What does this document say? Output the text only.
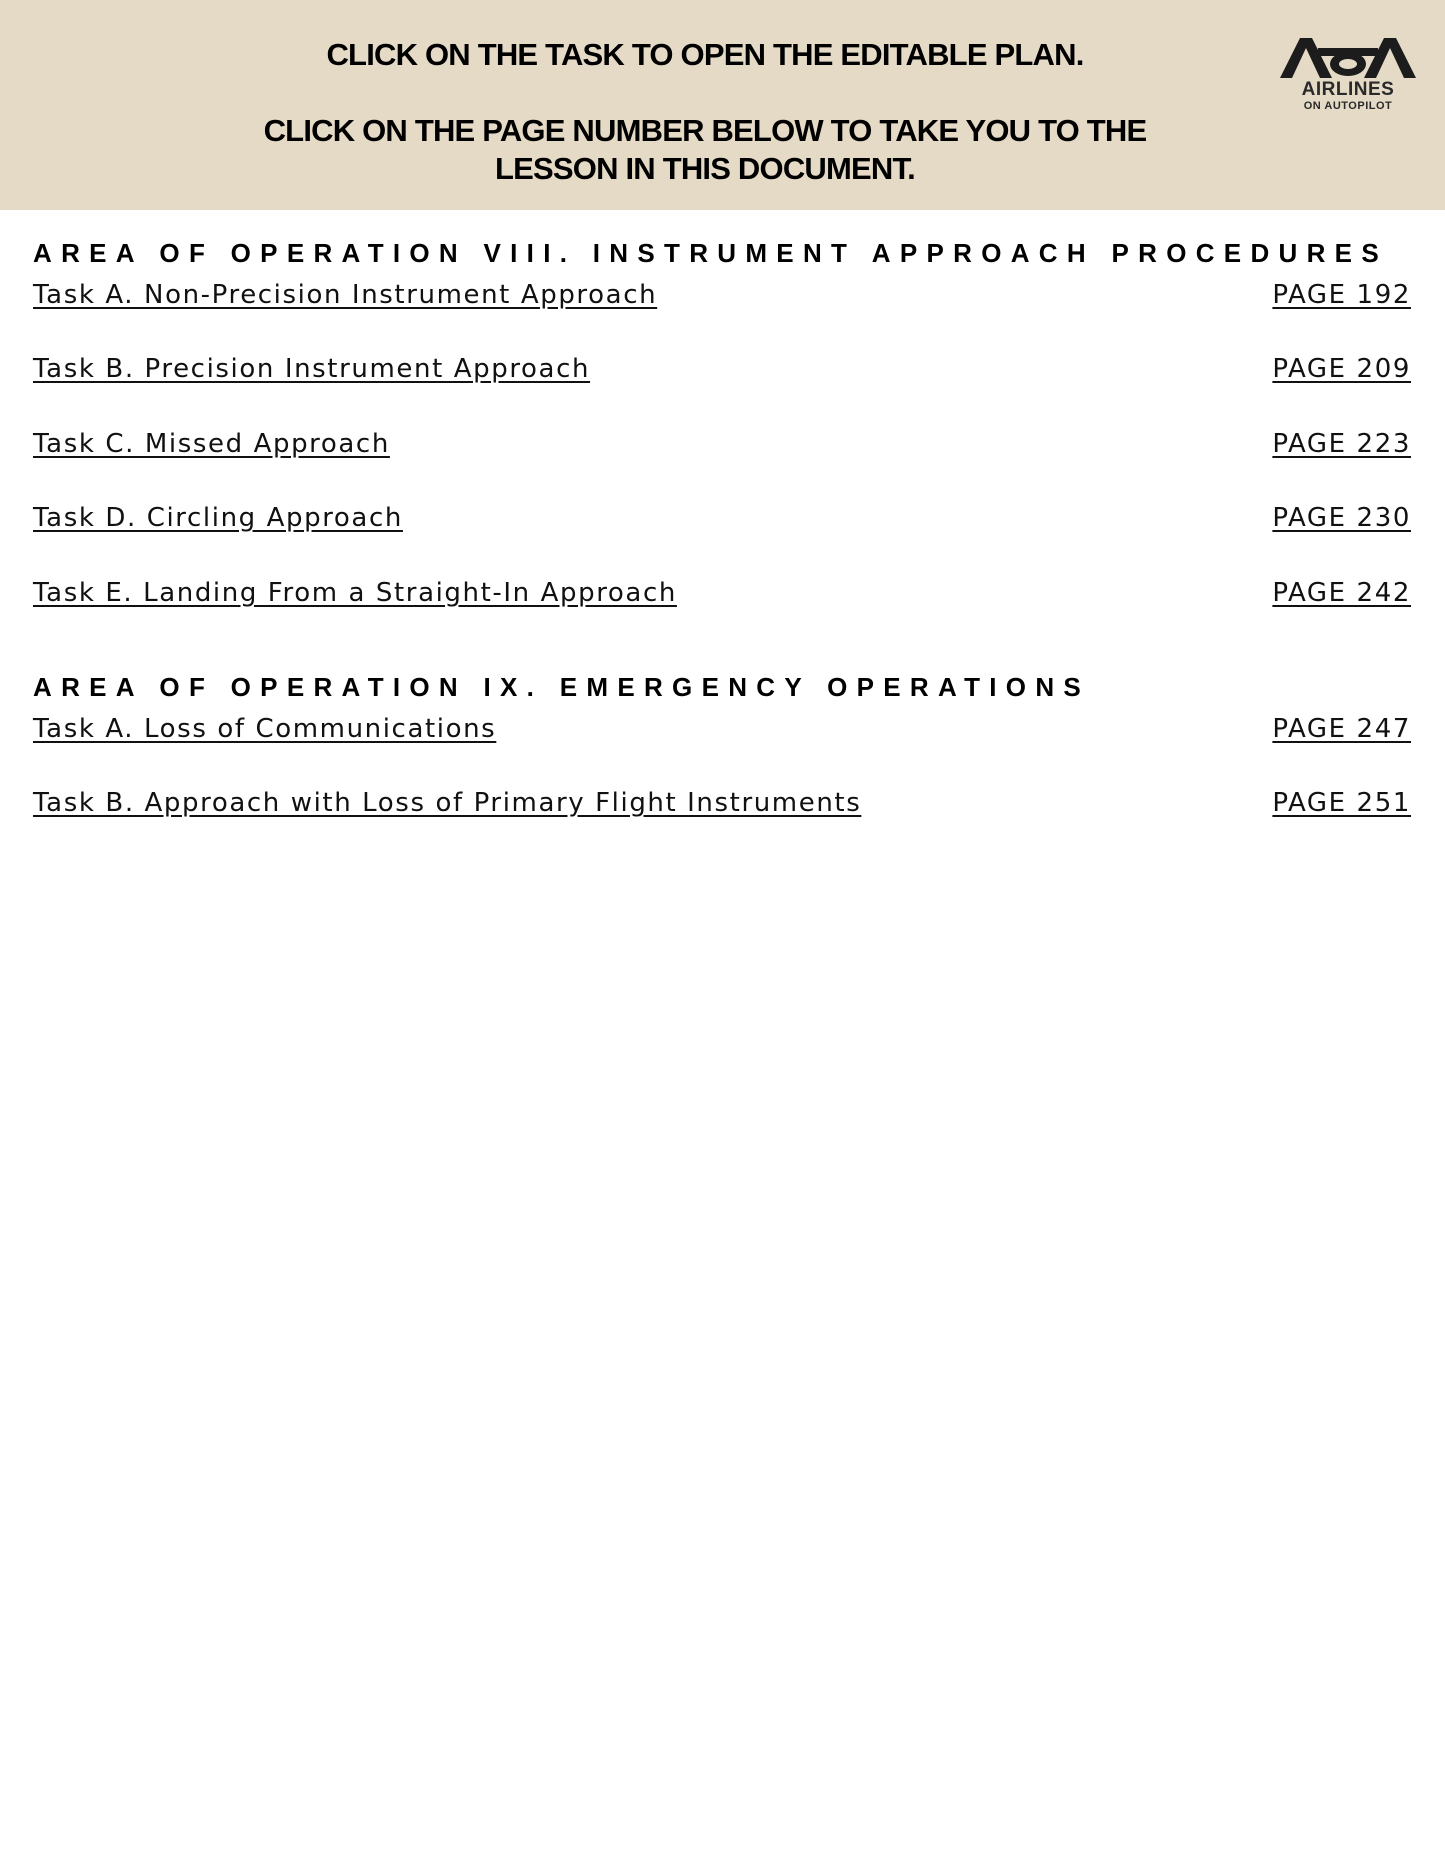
CLICK ON THE TASK TO OPEN THE EDITABLE PLAN.
CLICK ON THE PAGE NUMBER BELOW TO TAKE YOU TO THE
LESSON IN THIS DOCUMENT.
AIRLINES
ON AUTOPILOT
AREA OF OPERATION VIII. INSTRUMENT APPROACH PROCEDURES
Task A. Non-Precision Instrument Approach	PAGE 192
Task B. Precision Instrument Approach	PAGE 209
Task C. Missed Approach	PAGE 223
Task D. Circling Approach	PAGE 230
Task E. Landing From a Straight-In Approach	PAGE 242
AREA OF OPERATION IX. EMERGENCY OPERATIONS
Task A. Loss of Communications	PAGE 247
Task B. Approach with Loss of Primary Flight Instruments	PAGE 251
